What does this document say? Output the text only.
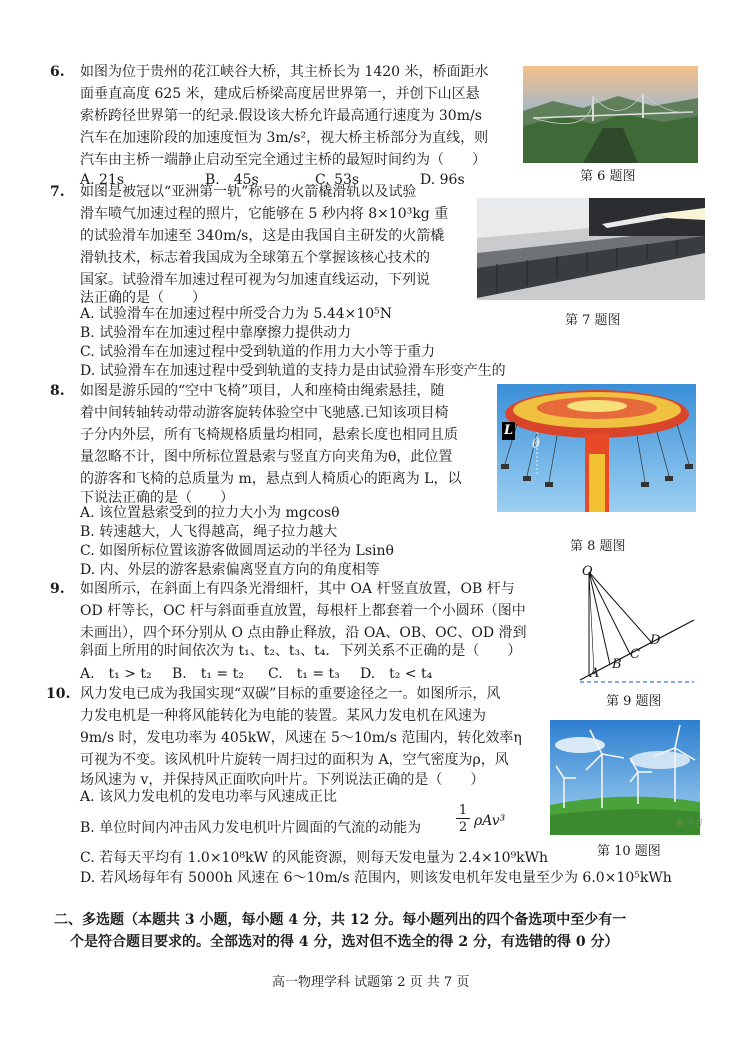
6. 如图为位于贵州的花江峡谷大桥，其主桥长为 1420 米，桥面距水
面垂直高度 625 米，建成后桥梁高度居世界第一，并创下山区悬
索桥跨径世界第一的纪录.假设该大桥允许最高通行速度为 30m/s
汽车在加速阶段的加速度恒为 3m/s²，视大桥主桥部分为直线，则
汽车由主桥一端静止启动至完全通过主桥的最短时间约为（　　）
A. 21s	B.　45s	C. 53s	D. 96s	第 6 题图
7. 如图是被冠以“亚洲第一轨”称号的火箭橇滑轨以及试验
滑车喷气加速过程的照片，它能够在 5 秒内将 8×10³kg 重
的试验滑车加速至 340m/s，这是由我国自主研发的火箭橇
滑轨技术，标志着我国成为全球第五个掌握该核心技术的
国家。试验滑车加速过程可视为匀加速直线运动，下列说
法正确的是（　　）
A. 试验滑车在加速过程中所受合力为 5.44×10⁵N
B. 试验滑车在加速过程中靠摩擦力提供动力
C. 试验滑车在加速过程中受到轨道的作用力大小等于重力
D. 试验滑车在加速过程中受到轨道的支持力是由试验滑车形变产生的
第 7 题图
8. 如图是游乐园的“空中飞椅”项目，人和座椅由绳索悬挂，随
着中间转轴转动带动游客旋转体验空中飞驰感.已知该项目椅
子分内外层，所有飞椅规格质量均相同，悬索长度也相同且质
量忽略不计，图中所标位置悬索与竖直方向夹角为θ，此位置
的游客和飞椅的总质量为 m，悬点到人椅质心的距离为 L，以
下说法正确的是（　　）
A. 该位置悬索受到的拉力大小为 mgcosθ
B. 转速越大，人飞得越高，绳子拉力越大
C. 如图所标位置该游客做圆周运动的半径为 Lsinθ
D. 内、外层的游客悬索偏离竖直方向的角度相等
L
θ
第 8 题图
9. 如图所示，在斜面上有四条光滑细杆，其中 OA 杆竖直放置，OB 杆与
OD 杆等长，OC 杆与斜面垂直放置，每根杆上都套着一个小圆环（图中
未画出），四个环分别从 O 点由静止释放，沿 OA、OB、OC、OD 滑到
斜面上所用的时间依次为 t₁、t₂、t₃、t₄．下列关系不正确的是（　　）
A.　t₁ > t₂ B.　t₁ = t₂ C.　t₁ = t₃ D.　t₂ < t₄
O
A
B
C
D
第 9 题图
10. 风力发电已成为我国实现“双碳”目标的重要途径之一。如图所示，风
力发电机是一种将风能转化为电能的装置。某风力发电机在风速为
9m/s 时，发电功率为 405kW，风速在 5～10m/s 范围内，转化效率η
可视为不变。该风机叶片旋转一周扫过的面积为 A，空气密度为ρ，风
场风速为 v，并保持风正面吹向叶片。下列说法正确的是（　　）
A. 该风力发电机的发电功率与风速成正比
B. 单位时间内冲击风力发电机叶片圆面的气流的动能为
1
2 ρAv³
C. 若每天平均有 1.0×10⁸kW 的风能资源，则每天发电量为 2.4×10⁹kWh
D. 若风场每年有 5000h 风速在 6～10m/s 范围内，则该发电机年发电量至少为 6.0×10⁵kWh
赢·学习
第 10 题图
二、多选题（本题共 3 小题，每小题 4 分，共 12 分。每小题列出的四个备选项中至少有一
个是符合题目要求的。全部选对的得 4 分，选对但不选全的得 2 分，有选错的得 0 分）
高一物理学科 试题第 2 页 共 7 页
